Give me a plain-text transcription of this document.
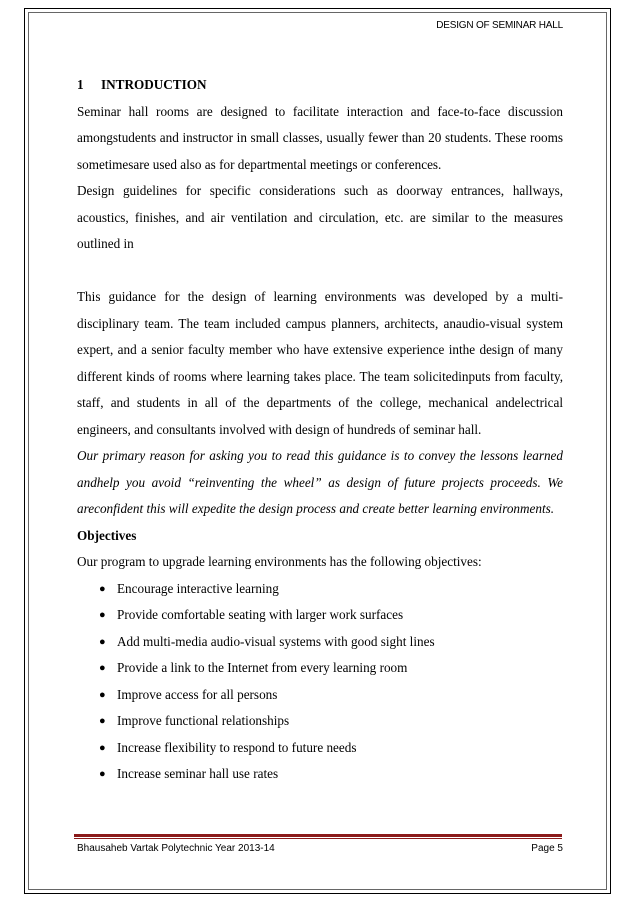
DESIGN OF SEMINAR HALL
1 INTRODUCTION

Seminar hall rooms are designed to facilitate interaction and face-to-face discussion amongstudents and instructor in small classes, usually fewer than 20 students. These rooms sometimesare used also as for departmental meetings or conferences.

Design guidelines for specific considerations such as doorway entrances, hallways, acoustics, finishes, and air ventilation and circulation, etc. are similar to the measures outlined in

This guidance for the design of learning environments was developed by a multi-disciplinary team. The team included campus planners, architects, anaudio-visual system expert, and a senior faculty member who have extensive experience inthe design of many different kinds of rooms where learning takes place. The team solicitedinputs from faculty, staff, and students in all of the departments of the college, mechanical andelectrical engineers, and consultants involved with design of hundreds of seminar hall.

Our primary reason for asking you to read this guidance is to convey the lessons learned andhelp you avoid “reinventing the wheel” as design of future projects proceeds. We areconfident this will expedite the design process and create better learning environments.

Objectives

Our program to upgrade learning environments has the following objectives:

● Encourage interactive learning
● Provide comfortable seating with larger work surfaces
● Add multi-media audio-visual systems with good sight lines
● Provide a link to the Internet from every learning room
● Improve access for all persons
● Improve functional relationships
● Increase flexibility to respond to future needs
● Increase seminar hall use rates
Bhausaheb Vartak Polytechnic Year 2013-14	Page 5
